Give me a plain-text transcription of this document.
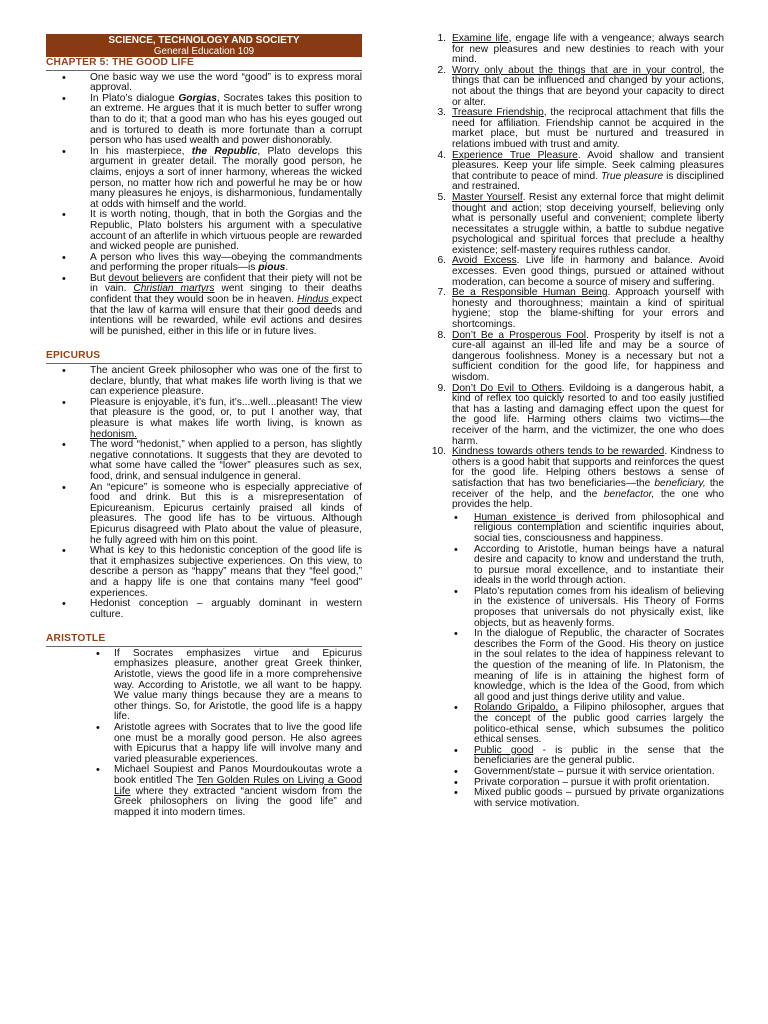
SCIENCE, TECHNOLOGY AND SOCIETY
General Education 109
CHAPTER 5: THE GOOD LIFE
• One basic way we use the word “good” is to express moral approval.
• In Plato’s dialogue Gorgias, Socrates takes this position to an extreme. He argues that it is much better to suffer wrong than to do it; that a good man who has his eyes gouged out and is tortured to death is more fortunate than a corrupt person who has used wealth and power dishonorably.
• In his masterpiece, the Republic, Plato develops this argument in greater detail. The morally good person, he claims, enjoys a sort of inner harmony, whereas the wicked person, no matter how rich and powerful he may be or how many pleasures he enjoys, is disharmonious, fundamentally at odds with himself and the world.
• It is worth noting, though, that in both the Gorgias and the Republic, Plato bolsters his argument with a speculative account of an afterlife in which virtuous people are rewarded and wicked people are punished.
• A person who lives this way—obeying the commandments and performing the proper rituals—is pious.
• But devout believers are confident that their piety will not be in vain. Christian martyrs went singing to their deaths confident that they would soon be in heaven. Hindus expect that the law of karma will ensure that their good deeds and intentions will be rewarded, while evil actions and desires will be punished, either in this life or in future lives.
EPICURUS
• The ancient Greek philosopher who was one of the first to declare, bluntly, that what makes life worth living is that we can experience pleasure.
• Pleasure is enjoyable, it’s fun, it’s...well...pleasant! The view that pleasure is the good, or, to put I another way, that pleasure is what makes life worth living, is known as hedonism.
• The word “hedonist,” when applied to a person, has slightly negative connotations. It suggests that they are devoted to what some have called the “lower” pleasures such as sex, food, drink, and sensual indulgence in general.
• An “epicure” is someone who is especially appreciative of food and drink. But this is a misrepresentation of Epicureanism. Epicurus certainly praised all kinds of pleasures. The good life has to be virtuous. Although Epicurus disagreed with Plato about the value of pleasure, he fully agreed with him on this point.
• What is key to this hedonistic conception of the good life is that it emphasizes subjective experiences. On this view, to describe a person as “happy” means that they “feel good,” and a happy life is one that contains many “feel good” experiences.
• Hedonist conception – arguably dominant in western culture.
ARISTOTLE
• If Socrates emphasizes virtue and Epicurus emphasizes pleasure, another great Greek thinker, Aristotle, views the good life in a more comprehensive way. According to Aristotle, we all want to be happy. We value many things because they are a means to other things. So, for Aristotle, the good life is a happy life.
• Aristotle agrees with Socrates that to live the good life one must be a morally good person. He also agrees with Epicurus that a happy life will involve many and varied pleasurable experiences.
• Michael Soupiest and Panos Mourdoukoutas wrote a book entitled The Ten Golden Rules on Living a Good Life where they extracted “ancient wisdom from the Greek philosophers on living the good life” and mapped it into modern times.
1. Examine life, engage life with a vengeance; always search for new pleasures and new destinies to reach with your mind.
2. Worry only about the things that are in your control, the things that can be influenced and changed by your actions, not about the things that are beyond your capacity to direct or alter.
3. Treasure Friendship, the reciprocal attachment that fills the need for affiliation. Friendship cannot be acquired in the market place, but must be nurtured and treasured in relations imbued with trust and amity.
4. Experience True Pleasure. Avoid shallow and transient pleasures. Keep your life simple. Seek calming pleasures that contribute to peace of mind. True pleasure is disciplined and restrained.
5. Master Yourself. Resist any external force that might delimit thought and action; stop deceiving yourself, believing only what is personally useful and convenient; complete liberty necessitates a struggle within, a battle to subdue negative psychological and spiritual forces that preclude a healthy existence; self-mastery requires ruthless candor.
6. Avoid Excess. Live life in harmony and balance. Avoid excesses. Even good things, pursued or attained without moderation, can become a source of misery and suffering.
7. Be a Responsible Human Being. Approach yourself with honesty and thoroughness; maintain a kind of spiritual hygiene; stop the blame-shifting for your errors and shortcomings.
8. Don’t Be a Prosperous Fool. Prosperity by itself is not a cure-all against an ill-led life and may be a source of dangerous foolishness. Money is a necessary but not a sufficient condition for the good life, for happiness and wisdom.
9. Don’t Do Evil to Others. Evildoing is a dangerous habit, a kind of reflex too quickly resorted to and too easily justified that has a lasting and damaging effect upon the quest for the good life. Harming others claims two victims—the receiver of the harm, and the victimizer, the one who does harm.
10. Kindness towards others tends to be rewarded. Kindness to others is a good habit that supports and reinforces the quest for the good life. Helping others bestows a sense of satisfaction that has two beneficiaries—the beneficiary, the receiver of the help, and the benefactor, the one who provides the help.
• Human existence is derived from philosophical and religious contemplation and scientific inquiries about, social ties, consciousness and happiness.
• According to Aristotle, human beings have a natural desire and capacity to know and understand the truth, to pursue moral excellence, and to instantiate their ideals in the world through action.
• Plato’s reputation comes from his idealism of believing in the existence of universals. His Theory of Forms proposes that universals do not physically exist, like objects, but as heavenly forms.
• In the dialogue of Republic, the character of Socrates describes the Form of the Good. His theory on justice in the soul relates to the idea of happiness relevant to the question of the meaning of life. In Platonism, the meaning of life is in attaining the highest form of knowledge, which is the Idea of the Good, from which all good and just things derive utility and value.
• Rolando Gripaldo, a Filipino philosopher, argues that the concept of the public good carries largely the politico-ethical sense, which subsumes the politico ethical senses.
• Public good - is public in the sense that the beneficiaries are the general public.
• Government/state – pursue it with service orientation.
• Private corporation – pursue it with profit orientation.
• Mixed public goods – pursued by private organizations with service motivation.
